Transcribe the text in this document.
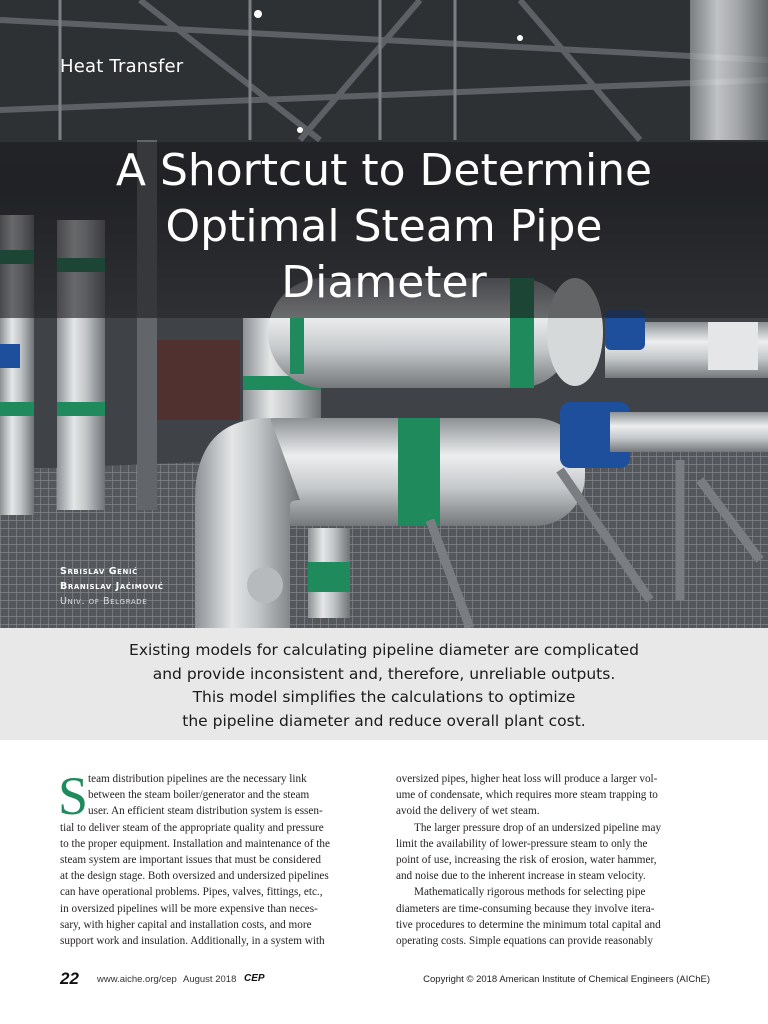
Heat Transfer
A Shortcut to Determine
Optimal Steam Pipe
Diameter
Srbislav Genić
Branislav Jaćimović
Univ. of Belgrade
Existing models for calculating pipeline diameter are complicated
and provide inconsistent and, therefore, unreliable outputs.
This model simplifies the calculations to optimize
the pipeline diameter and reduce overall plant cost.
S team distribution pipelines are the necessary link
between the steam boiler/generator and the steam
user. An efficient steam distribution system is essen-
tial to deliver steam of the appropriate quality and pressure
to the proper equipment. Installation and maintenance of the
steam system are important issues that must be considered
at the design stage. Both oversized and undersized pipelines
can have operational problems. Pipes, valves, fittings, etc.,
in oversized pipelines will be more expensive than neces-
sary, with higher capital and installation costs, and more
support work and insulation. Additionally, in a system with
oversized pipes, higher heat loss will produce a larger vol-
ume of condensate, which requires more steam trapping to
avoid the delivery of wet steam.
The larger pressure drop of an undersized pipeline may
limit the availability of lower-pressure steam to only the
point of use, increasing the risk of erosion, water hammer,
and noise due to the inherent increase in steam velocity.
Mathematically rigorous methods for selecting pipe
diameters are time-consuming because they involve itera-
tive procedures to determine the minimum total capital and
operating costs. Simple equations can provide reasonably
22 www.aiche.org/cep August 2018 CEP	Copyright © 2018 American Institute of Chemical Engineers (AIChE)
